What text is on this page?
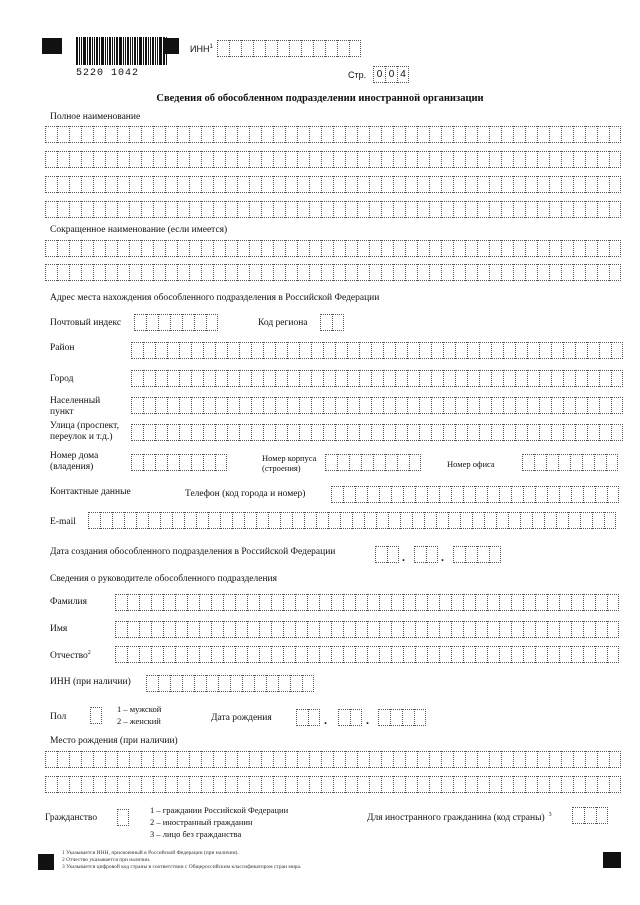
5220 1042
ИНН$^1$
Стр.	0 0 4
Сведения об обособленном подразделении иностранной организации
Полное наименование
Сокращенное наименование (если имеется)
Адрес места нахождения обособленного подразделения в Российской Федерации
Почтовый индекс	Код региона
Район
Город
Населенный пункт
Улица (проспект, переулок и т.д.)
Номер дома (владения)
Номер корпуса (строения)	Номер офиса
Контактные данные	Телефон (код города и номер)
E-mail
Дата создания обособленного подразделения в Российской Федерации	.	.
Сведения о руководителе обособленного подразделения
Фамилия
Имя
Отчество$^2$
ИНН (при наличии)
Пол
1 – мужской
2 – женский	Дата рождения	.	.
Место рождения (при наличии)
Гражданство
1 – граждании Российской Федерации
2 – иностранный гражданин
3 – лицо без гражданства
Для иностранного гражданина (код страны) $^3$
1 Указывается ИНН, присвоенный в Российской Федерации (при наличии).
2 Отчество указывается при наличии.
3 Указывается цифровой код страны в соответствии с Общероссийским классификатором стран мира.
